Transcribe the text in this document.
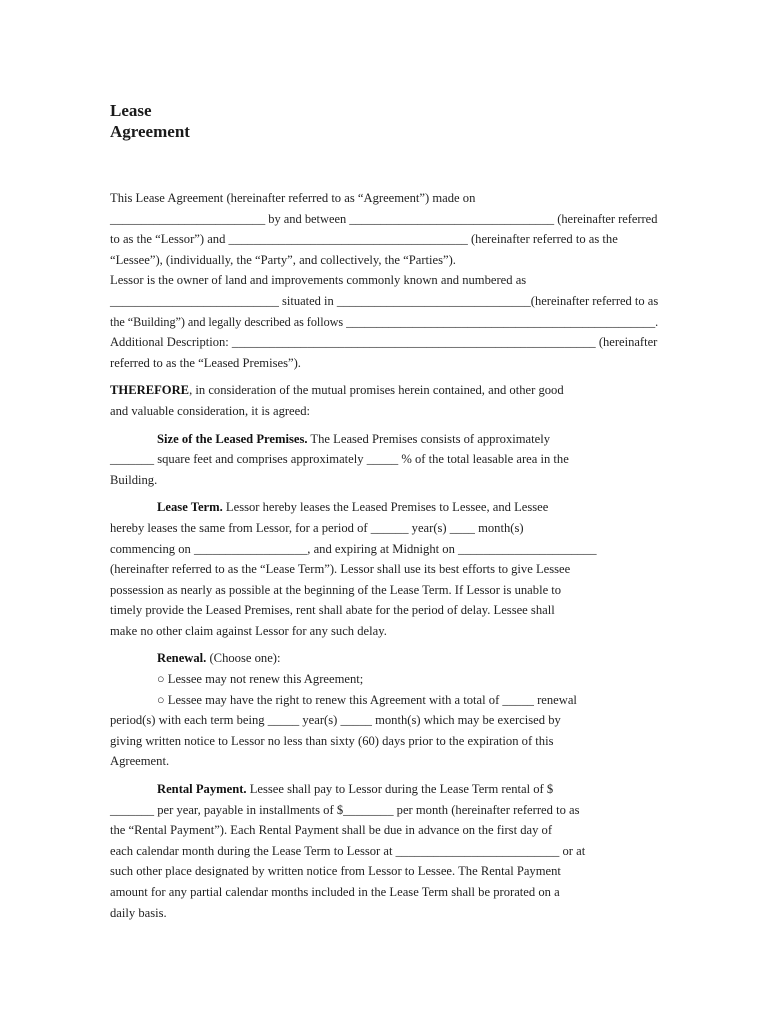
Lease
Agreement

This Lease Agreement (hereinafter referred to as “Agreement”) made on
_________________________ by and between _________________________________ (hereinafter referred
to as the “Lessor”) and ______________________________________ (hereinafter referred to as the
“Lessee”), (individually, the “Party”, and collectively, the “Parties”).
Lessor is the owner of land and improvements commonly known and numbered as
___________________________ situated in _______________________________(hereinafter referred to as
the “Building”) and legally described as follows ___________________________________________________.
Additional Description: __________________________________________________________ (hereinafter
referred to as the “Leased Premises”).

THEREFORE, in consideration of the mutual promises herein contained, and other good
and valuable consideration, it is agreed:

Size of the Leased Premises. The Leased Premises consists of approximately
_______ square feet and comprises approximately _____ % of the total leasable area in the
Building.

Lease Term. Lessor hereby leases the Leased Premises to Lessee, and Lessee
hereby leases the same from Lessor, for a period of ______ year(s) ____ month(s)
commencing on __________________, and expiring at Midnight on ______________________
(hereinafter referred to as the “Lease Term”). Lessor shall use its best efforts to give Lessee
possession as nearly as possible at the beginning of the Lease Term. If Lessor is unable to
timely provide the Leased Premises, rent shall abate for the period of delay. Lessee shall
make no other claim against Lessor for any such delay.

Renewal. (Choose one):
○ Lessee may not renew this Agreement;
○ Lessee may have the right to renew this Agreement with a total of _____ renewal
period(s) with each term being _____ year(s) _____ month(s) which may be exercised by
giving written notice to Lessor no less than sixty (60) days prior to the expiration of this
Agreement.

Rental Payment. Lessee shall pay to Lessor during the Lease Term rental of $
_______ per year, payable in installments of $________ per month (hereinafter referred to as
the “Rental Payment”). Each Rental Payment shall be due in advance on the first day of
each calendar month during the Lease Term to Lessor at __________________________ or at
such other place designated by written notice from Lessor to Lessee. The Rental Payment
amount for any partial calendar months included in the Lease Term shall be prorated on a
daily basis.
